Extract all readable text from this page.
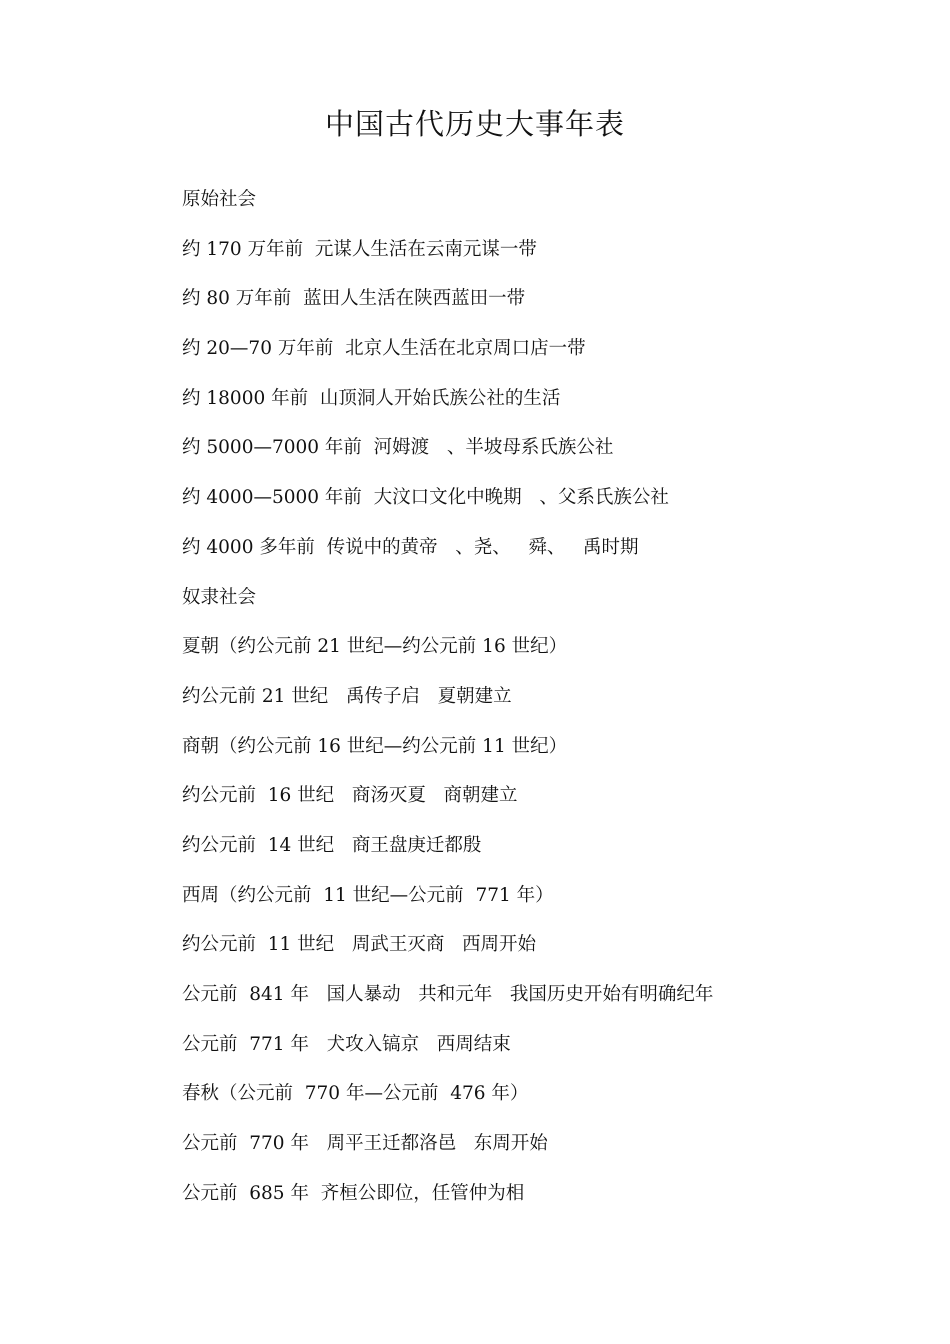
中国古代历史大事年表
原始社会
约 170 万年前  元谋人生活在云南元谋一带
约 80 万年前  蓝田人生活在陕西蓝田一带
约 20—70 万年前  北京人生活在北京周口店一带
约 18000 年前  山顶洞人开始氏族公社的生活
约 5000—7000 年前  河姆渡   、半坡母系氏族公社
约 4000—5000 年前  大汶口文化中晚期   、父系氏族公社
约 4000 多年前  传说中的黄帝   、尧、   舜、   禹时期
奴隶社会
夏朝（约公元前 21 世纪—约公元前 16 世纪）
约公元前 21 世纪   禹传子启   夏朝建立
商朝（约公元前 16 世纪—约公元前 11 世纪）
约公元前  16 世纪   商汤灭夏   商朝建立
约公元前  14 世纪   商王盘庚迁都殷
西周（约公元前  11 世纪—公元前  771 年）
约公元前  11 世纪   周武王灭商   西周开始
公元前  841 年   国人暴动   共和元年   我国历史开始有明确纪年
公元前  771 年   犬攻入镐京   西周结束
春秋（公元前  770 年—公元前  476 年）
公元前  770 年   周平王迁都洛邑   东周开始
公元前  685 年  齐桓公即位，任管仲为相
